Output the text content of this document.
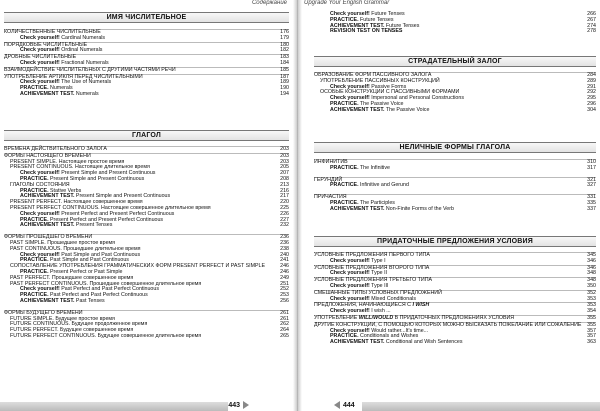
Содержание
ИМЯ ЧИСЛИТЕЛЬНОЕ
КОЛИЧЕСТВЕННЫЕ ЧИСЛИТЕЛЬНЫЕ	176
Check yourself! Cardinal Numerals	179
ПОРЯДКОВЫЕ ЧИСЛИТЕЛЬНЫЕ	180
Check yourself! Ordinal Numerals	182
ДРОБНЫЕ ЧИСЛИТЕЛЬНЫЕ	183
Check yourself! Fractional Numerals	184
ВЗАИМОДЕЙСТВИЕ ЧИСЛИТЕЛЬНЫХ С ДРУГИМИ ЧАСТЯМИ РЕЧИ	185
УПОТРЕБЛЕНИЕ АРТИКЛЯ ПЕРЕД ЧИСЛИТЕЛЬНЫМИ	187
Check yourself! The Use of Numerals	189
PRACTICE. Numerals	190
ACHIEVEMENT TEST. Numerals	194
ГЛАГОЛ
ВРЕМЕНА ДЕЙСТВИТЕЛЬНОГО ЗАЛОГА	203
ФОРМЫ НАСТОЯЩЕГО ВРЕМЕНИ	203
PRESENT SIMPLE. Настоящее простое время	203
PRESENT CONTINUOUS. Настоящее длительное время	205
Check yourself! Present Simple and Present Continuous	207
PRACTICE. Present Simple and Present Continuous	208
ГЛАГОЛЫ СОСТОЯНИЯ	213
PRACTICE. Stative Verbs	216
ACHIEVEMENT TEST. Present Simple and Present Continuous	217
PRESENT PERFECT. Настоящее совершенное время	220
PRESENT PERFECT CONTINUOUS. Настоящее совершенное длительное время	225
Check yourself! Present Perfect and Present Perfect Continuous	226
PRACTICE. Present Perfect and Present Perfect Continuous	227
ACHIEVEMENT TEST. Present Tenses	232
ФОРМЫ ПРОШЕДШЕГО ВРЕМЕНИ	236
PAST SIMPLE. Прошедшее простое время	236
PAST CONTINUOUS. Прошедшее длительное время	238
Check yourself! Past Simple and Past Continuous	240
PRACTICE. Past Simple and Past Continuous	241
СОПОСТАВЛЕНИЕ УПОТРЕБЛЕНИЯ ГРАММАТИЧЕСКИХ ФОРМ PRESENT PERFECT И PAST SIMPLE	246
PRACTICE. Present Perfect or Past Simple	246
PAST PERFECT. Прошедшее совершенное время	249
PAST PERFECT CONTINUOUS. Прошедшее совершенное длительное время	251
Check yourself! Past Perfect and Past Perfect Continuous	252
PRACTICE. Past Perfect and Past Perfect Continuous	253
ACHIEVEMENT TEST. Past Tenses	256
ФОРМЫ БУДУЩЕГО ВРЕМЕНИ	261
FUTURE SIMPLE. Будущее простое время	261
FUTURE CONTINUOUS. Будущее продолженное время	262
FUTURE PERFECT. Будущее совершенное время	264
FUTURE PERFECT CONTINUOUS. Будущее совершенное длительное время	265
443
Upgrade Your English Grammar
Check yourself! Future Tenses	266
PRACTICE. Future Tenses	267
ACHIEVEMENT TEST. Future Tenses	274
REVISION TEST ON TENSES	278
СТРАДАТЕЛЬНЫЙ ЗАЛОГ
ОБРАЗОВАНИЕ ФОРМ ПАССИВНОГО ЗАЛОГА	284
УПОТРЕБЛЕНИЕ ПАССИВНЫХ КОНСТРУКЦИЙ	289
Check yourself! Passive Forms	291
ОСОБЫЕ КОНСТРУКЦИИ С ПАССИВНЫМИ ФОРМАМИ	292
Check yourself! Impersonal and Personal Constructions	295
PRACTICE. The Passive Voice	296
ACHIEVEMENT TEST. The Passive Voice	304
НЕЛИЧНЫЕ ФОРМЫ ГЛАГОЛА
ИНФИНИТИВ	310
PRACTICE. The Infinitive	317
ГЕРУНДИЙ	321
PRACTICE. Infinitive and Gerund	327
ПРИЧАСТИЯ	331
PRACTICE. The Participles	335
ACHIEVEMENT TEST. Non-Finite Forms of the Verb	337
ПРИДАТОЧНЫЕ ПРЕДЛОЖЕНИЯ УСЛОВИЯ
УСЛОВНЫЕ ПРЕДЛОЖЕНИЯ ПЕРВОГО ТИПА	345
Check yourself! Type I	346
УСЛОВНЫЕ ПРЕДЛОЖЕНИЯ ВТОРОГО ТИПА	346
Check yourself! Type II	348
УСЛОВНЫЕ ПРЕДЛОЖЕНИЯ ТРЕТЬЕГО ТИПА	348
Check yourself! Type III	350
СМЕШАННЫЕ ТИПЫ УСЛОВНЫХ ПРЕДЛОЖЕНИЙ	352
Check yourself! Mixed Conditionals	353
ПРЕДЛОЖЕНИЯ, НАЧИНАЮЩИЕСЯ С I WISH	353
Check yourself! I wish ...	354
УПОТРЕБЛЕНИЕ WILL/WOULD В ПРИДАТОЧНЫХ ПРЕДЛОЖЕНИЯХ УСЛОВИЯ	355
ДРУГИЕ КОНСТРУКЦИИ, С ПОМОЩЬЮ КОТОРЫХ МОЖНО ВЫСКАЗАТЬ ПОЖЕЛАНИЕ ИЛИ СОЖАЛЕНИЕ	355
Check yourself! Would rather...It's time...	357
PRACTICE. Conditionals and Wishes	357
ACHIEVEMENT TEST. Conditional and Wish Sentences	363
444
